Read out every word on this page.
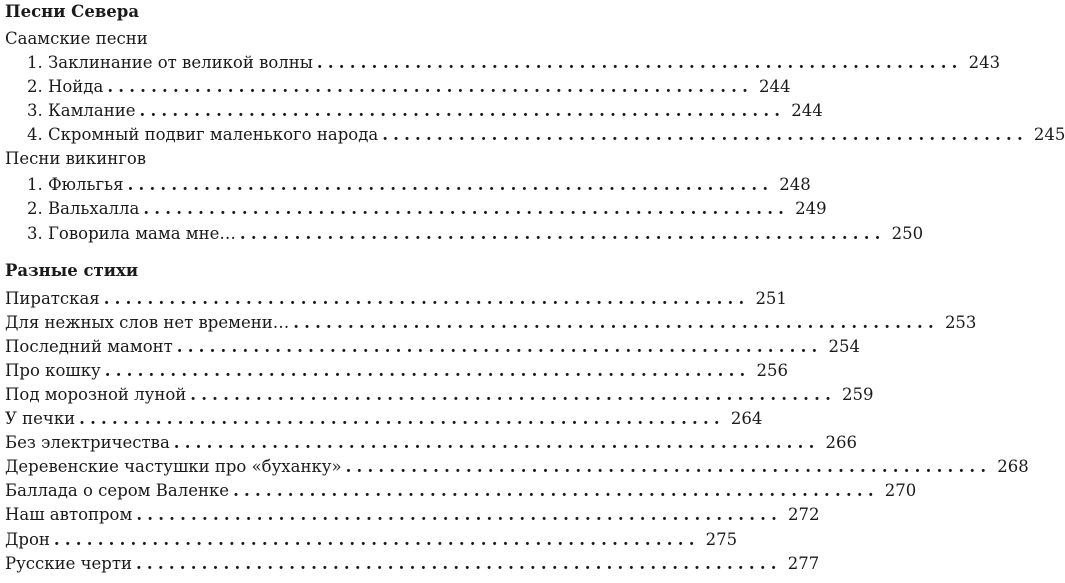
Песни Севера
Саамские песни
1. Заклинание от великой волны ........................................................... 243
2. Нойда ........................................................... 244
3. Камлание ........................................................... 244
4. Скромный подвиг маленького народа ........................................................... 245
Песни викингов
1. Фюльгья ........................................................... 248
2. Вальхалла ........................................................... 249
3. Говорила мама мне… ........................................................... 250
Разные стихи
Пиратская ........................................................... 251
Для нежных слов нет времени… ........................................................... 253
Последний мамонт ........................................................... 254
Про кошку ........................................................... 256
Под морозной луной ........................................................... 259
У печки ........................................................... 264
Без электричества ........................................................... 266
Деревенские частушки про «буханку» ........................................................... 268
Баллада о сером Валенке ........................................................... 270
Наш автопром ........................................................... 272
Дрон ........................................................... 275
Русские черти ........................................................... 277
